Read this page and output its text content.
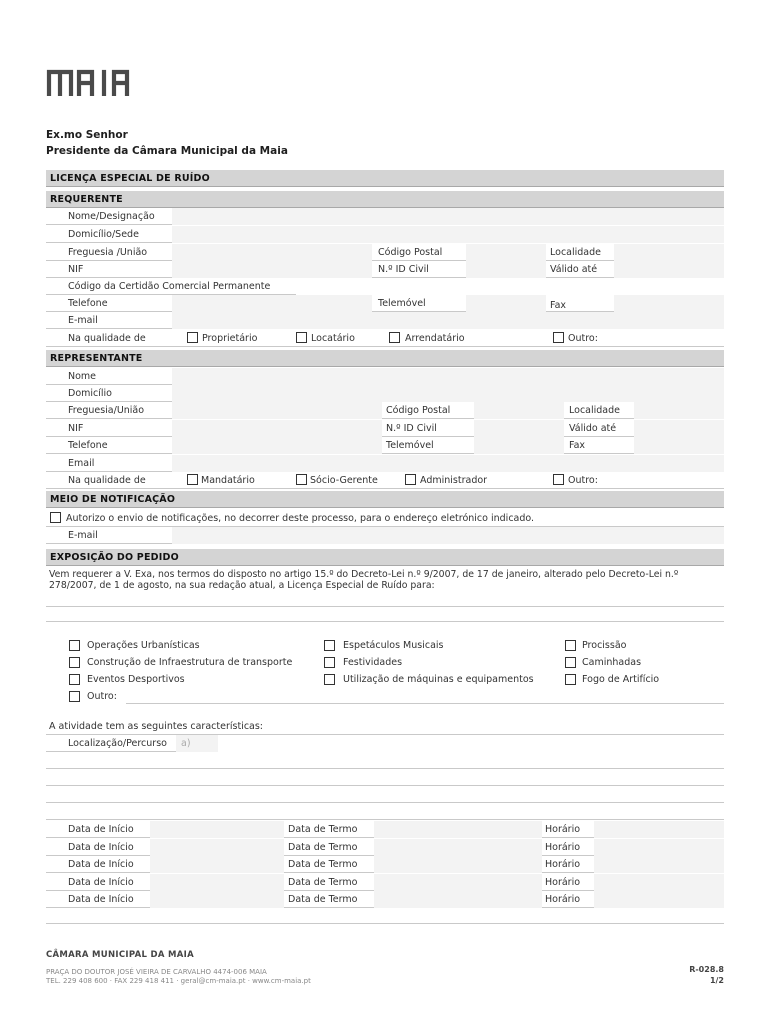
Ex.mo Senhor
Presidente da Câmara Municipal da Maia
LICENÇA ESPECIAL DE RUÍDO
REQUERENTE
Nome/Designação
Domicílio/Sede
Freguesia /União	Código Postal	Localidade
NIF	N.º ID Civil	Válido até
Código da Certidão Comercial Permanente
Telefone	Telemóvel	Fax
E-mail
Na qualidade de	Proprietário	Locatário	Arrendatário	Outro:
REPRESENTANTE
Nome
Domicílio
Freguesia/União	Código Postal	Localidade
NIF	N.º ID Civil	Válido até
Telefone	Telemóvel	Fax
Email
Na qualidade de	Mandatário	Sócio-Gerente	Administrador	Outro:
MEIO DE NOTIFICAÇÃO
Autorizo o envio de notificações, no decorrer deste processo, para o endereço eletrónico indicado.
E-mail
EXPOSIÇÃO DO PEDIDO
Vem requerer a V. Exa, nos termos do disposto no artigo 15.º do Decreto-Lei n.º 9/2007, de 17 de janeiro, alterado pelo Decreto-Lei n.º 278/2007, de 1 de agosto, na sua redação atual, a Licença Especial de Ruído para:
Operações Urbanísticas
Construção de Infraestrutura de transporte
Eventos Desportivos
Outro:
Espetáculos Musicais
Festividades
Utilização de máquinas e equipamentos
Procissão
Caminhadas
Fogo de Artifício
A atividade tem as seguintes características:
Localização/Percurso a)
Data de Início	Data de Termo	Horário
Data de Início	Data de Termo	Horário
Data de Início	Data de Termo	Horário
Data de Início	Data de Termo	Horário
Data de Início	Data de Termo	Horário
CÂMARA MUNICIPAL DA MAIA
PRAÇA DO DOUTOR JOSÉ VIEIRA DE CARVALHO 4474-006 MAIA
TEL. 229 408 600 · FAX 229 418 411 · geral@cm-maia.pt · www.cm-maia.pt
R-028.8
1/2
